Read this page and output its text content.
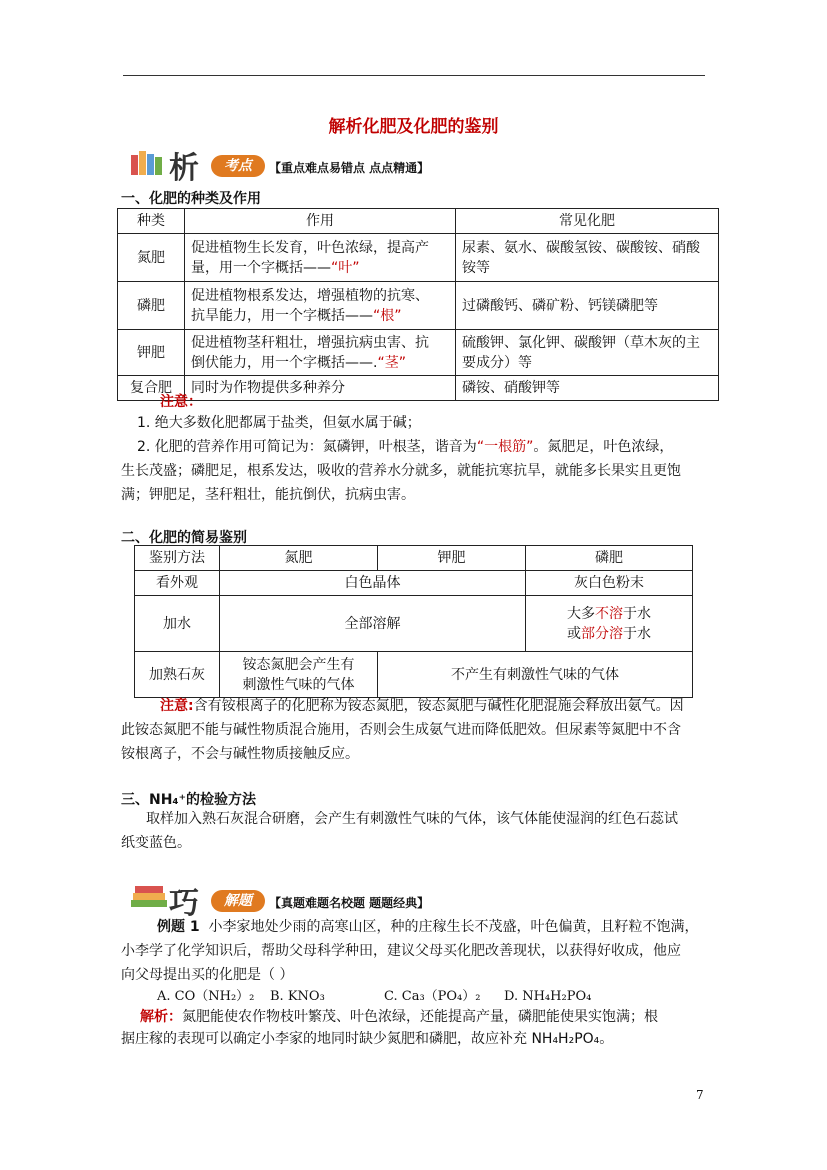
解析化肥及化肥的鉴别
析	考点	【重点难点易错点 点点精通】
一、化肥的种类及作用
种类	作用	常见化肥
氮肥	促进植物生长发育，叶色浓绿，提高产
量，用一个字概括——“叶”	尿素、氨水、碳酸氢铵、碳酸铵、硝酸
铵等
磷肥	促进植物根系发达，增强植物的抗寒、
抗旱能力，用一个字概括——“根”	过磷酸钙、磷矿粉、钙镁磷肥等
钾肥	促进植物茎秆粗壮，增强抗病虫害、抗
倒伏能力，用一个字概括——.“茎”	硫酸钾、氯化钾、碳酸钾（草木灰的主
要成分）等
复合肥	同时为作物提供多种养分	磷铵、硝酸钾等
注意：
1. 绝大多数化肥都属于盐类，但氨水属于碱；
2. 化肥的营养作用可简记为：氮磷钾，叶根茎，谐音为“一根筋”。氮肥足，叶色浓绿，
生长茂盛；磷肥足，根系发达，吸收的营养水分就多，就能抗寒抗旱，就能多长果实且更饱
满；钾肥足，茎秆粗壮，能抗倒伏，抗病虫害。
二、化肥的简易鉴别
鉴别方法	氮肥	钾肥	磷肥
看外观	白色晶体		灰白色粉末
加水	全部溶解		大多不溶于水
或部分溶于水
加熟石灰	铵态氮肥会产生有
刺激性气味的气体	不产生有刺激性气味的气体	
注意:含有铵根离子的化肥称为铵态氮肥，铵态氮肥与碱性化肥混施会释放出氨气。因
此铵态氮肥不能与碱性物质混合施用，否则会生成氨气进而降低肥效。但尿素等氮肥中不含
铵根离子，不会与碱性物质接触反应。
三、NH₄⁺的检验方法
取样加入熟石灰混合研磨，会产生有刺激性气味的气体，该气体能使湿润的红色石蕊试
纸变蓝色。
巧	解题	【真题难题名校题 题题经典】
例题 1 小李家地处少雨的高寒山区，种的庄稼生长不茂盛，叶色偏黄，且籽粒不饱满，
小李学了化学知识后，帮助父母科学种田，建议父母买化肥改善现状，以获得好收成，他应
向父母提出买的化肥是（ ）
A. CO（NH₂）₂ B. KNO₃	C. Ca₃（PO₄）₂ D. NH₄H₂PO₄
解析：氮肥能使农作物枝叶繁茂、叶色浓绿，还能提高产量，磷肥能使果实饱满；根
据庄稼的表现可以确定小李家的地同时缺少氮肥和磷肥，故应补充 NH₄H₂PO₄。
7
